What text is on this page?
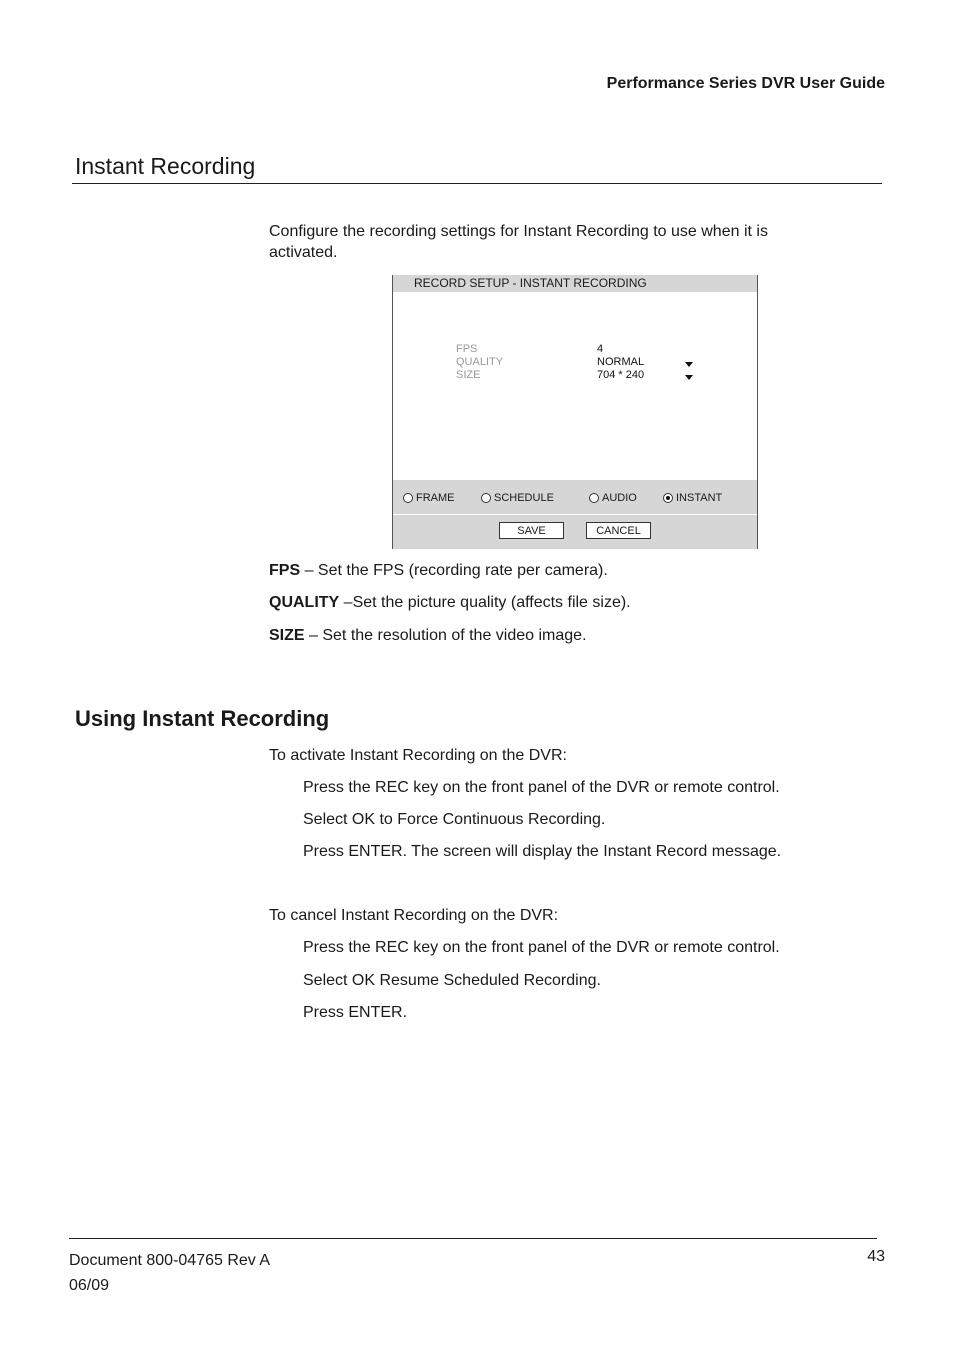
Performance Series DVR User Guide
Instant Recording
Configure the recording settings for Instant Recording to use when it is activated.
RECORD SETUP - INSTANT RECORDING
FPS	4
QUALITY	NORMAL
SIZE	704 * 240
FRAME	SCHEDULE	AUDIO	INSTANT
SAVE	CANCEL
FPS – Set the FPS (recording rate per camera).
QUALITY –Set the picture quality (affects file size).
SIZE – Set the resolution of the video image.
Using Instant Recording
To activate Instant Recording on the DVR:
Press the REC key on the front panel of the DVR or remote control.
Select OK to Force Continuous Recording.
Press ENTER. The screen will display the Instant Record message.
To cancel Instant Recording on the DVR:
Press the REC key on the front panel of the DVR or remote control.
Select OK Resume Scheduled Recording.
Press ENTER.
Document 800-04765 Rev A
06/09
43
